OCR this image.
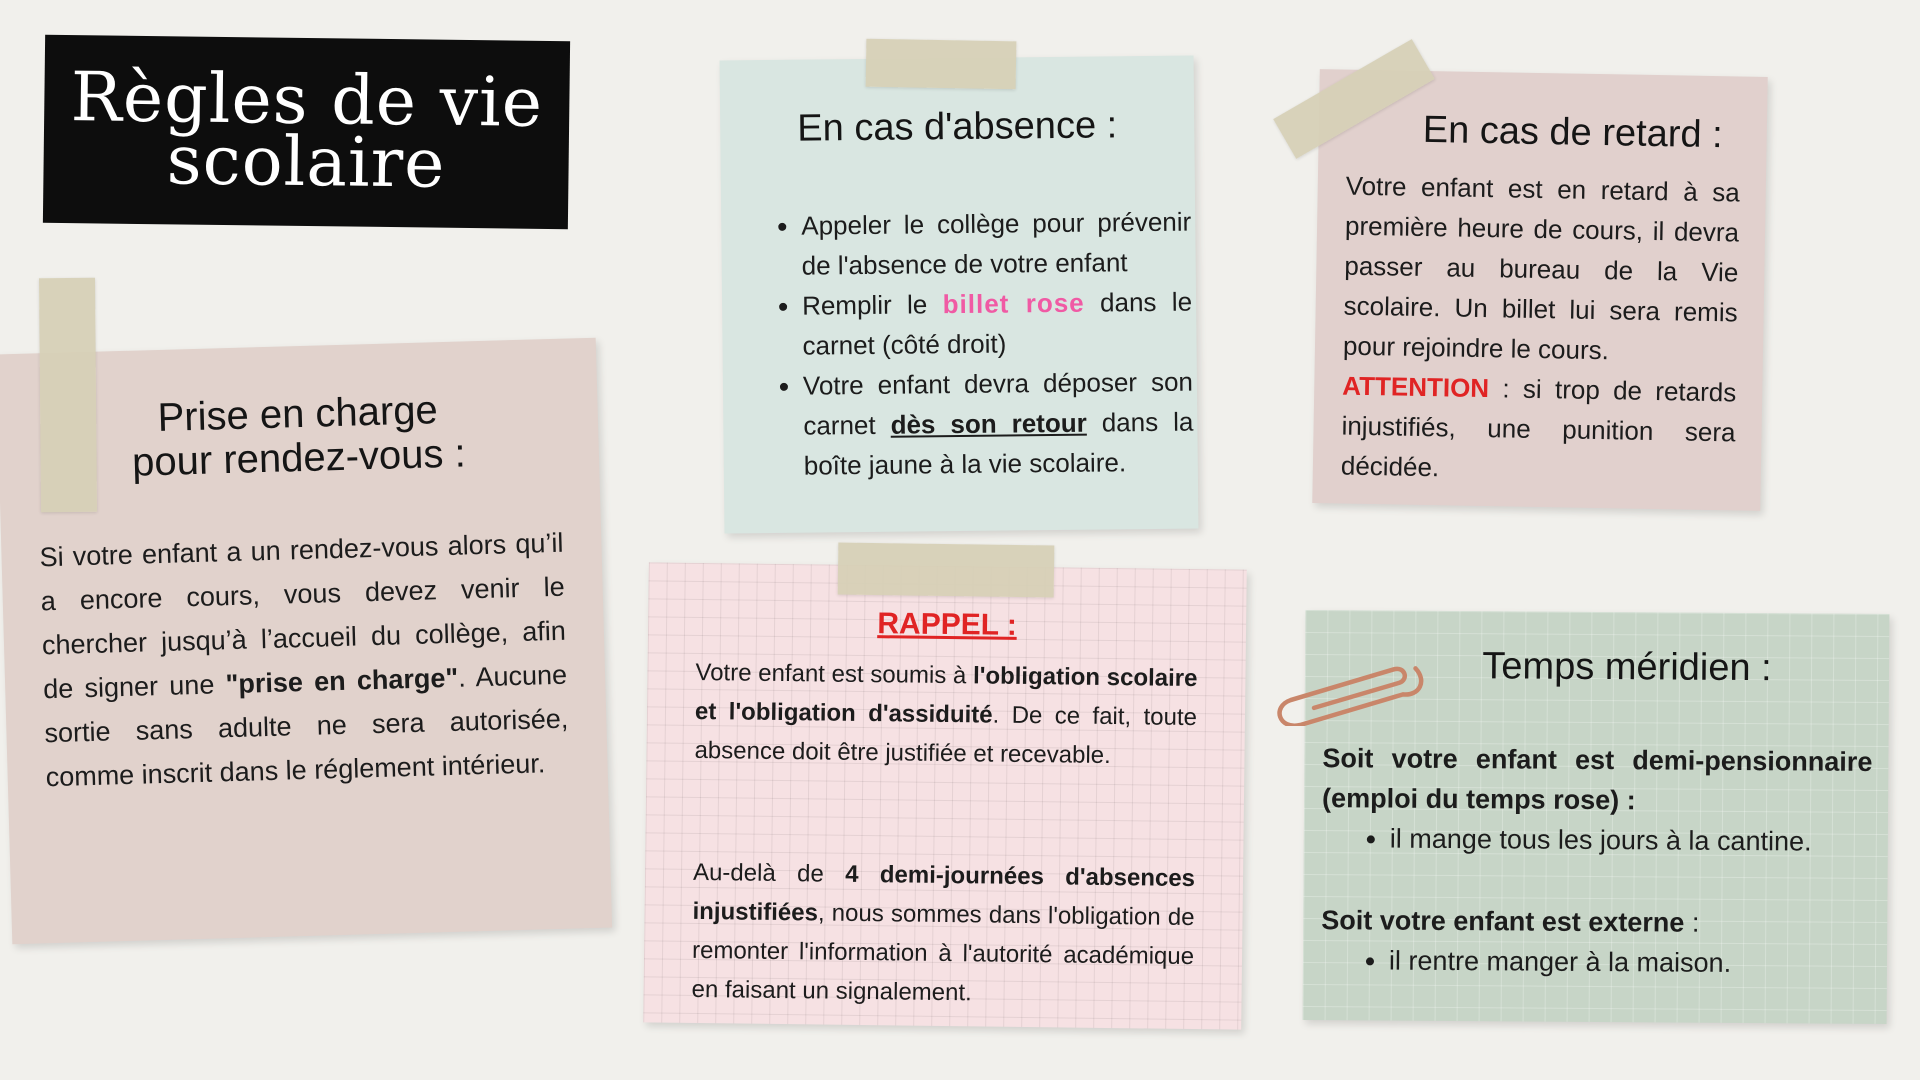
Règles de vie
scolaire	En cas d'absence :
• Appeler le collège pour prévenir de l'absence de votre enfant
• Remplir le billet rose dans le carnet (côté droit)
• Votre enfant devra déposer son carnet dès son retour dans la boîte jaune à la vie scolaire.
En cas de retard :
Votre enfant est en retard à sa première heure de cours, il devra passer au bureau de la Vie scolaire. Un billet lui sera remis pour rejoindre le cours.
ATTENTION : si trop de retards injustifiés, une punition sera décidée.
Prise en charge
pour rendez-vous :
Si votre enfant a un rendez-vous alors qu’il a encore cours, vous devez venir le chercher jusqu’à l’accueil du collège, afin de signer une "prise en charge". Aucune sortie sans adulte ne sera autorisée, comme inscrit dans le réglement intérieur.
RAPPEL :
Votre enfant est soumis à l'obligation scolaire et l'obligation d'assiduité. De ce fait, toute absence doit être justifiée et recevable.
Au-delà de 4 demi-journées d'absences injustifiées, nous sommes dans l'obligation de remonter l'information à l'autorité académique en faisant un signalement.
Temps méridien :
Soit votre enfant est demi-pensionnaire (emploi du temps rose) :
• il mange tous les jours à la cantine.
Soit votre enfant est externe :
• il rentre manger à la maison.
